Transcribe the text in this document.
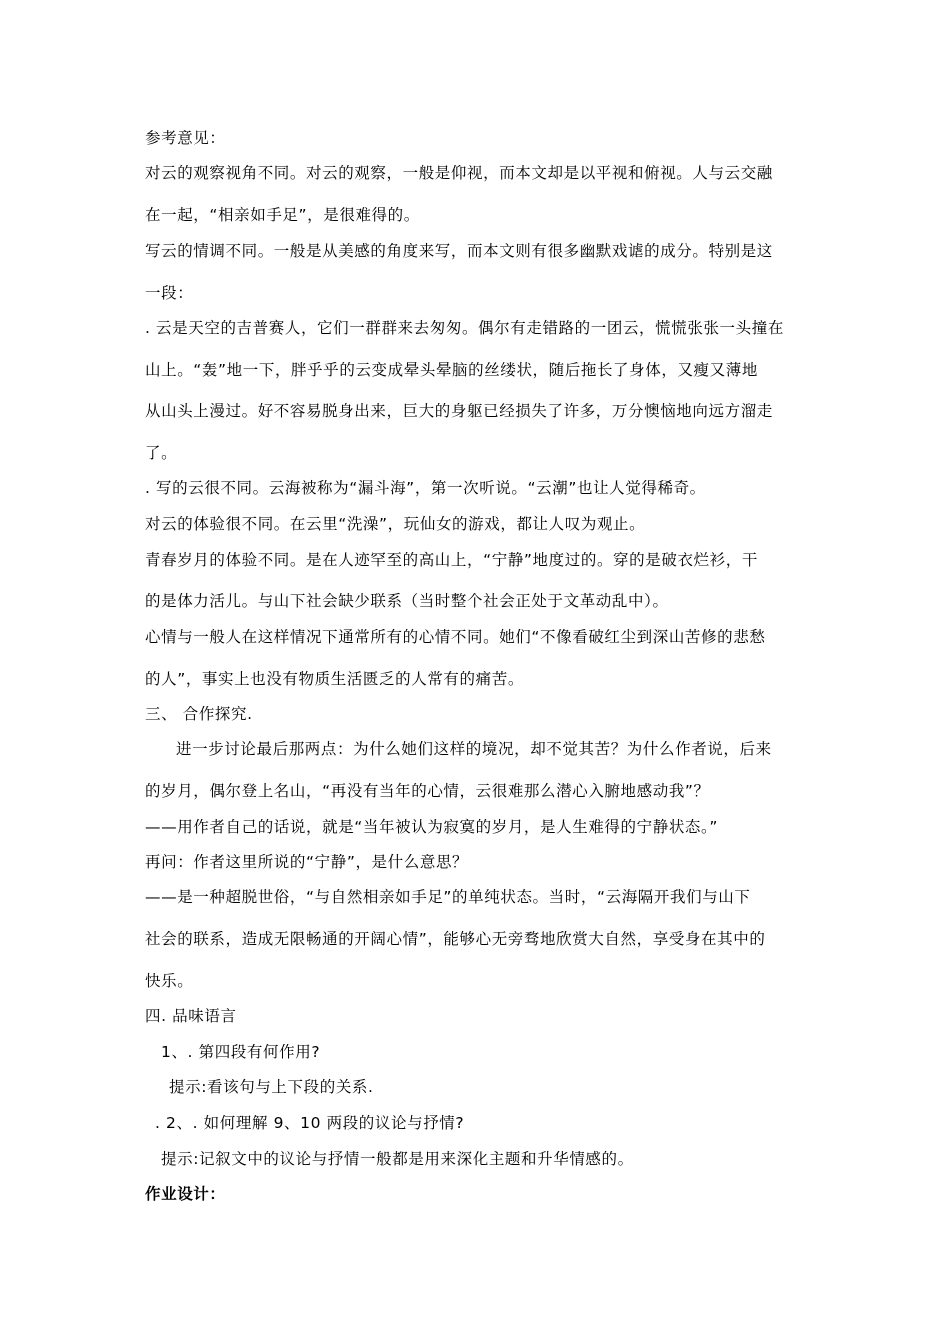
参考意见：
对云的观察视角不同。对云的观察，一般是仰视，而本文却是以平视和俯视。人与云交融
在一起，“相亲如手足”，是很难得的。
写云的情调不同。一般是从美感的角度来写，而本文则有很多幽默戏谑的成分。特别是这
一段：
. 云是天空的吉普赛人，它们一群群来去匆匆。偶尔有走错路的一团云，慌慌张张一头撞在
山上。“轰”地一下，胖乎乎的云变成晕头晕脑的丝缕状，随后拖长了身体，又瘦又薄地
从山头上漫过。好不容易脱身出来，巨大的身躯已经损失了许多，万分懊恼地向远方溜走
了。
. 写的云很不同。云海被称为“漏斗海”，第一次听说。“云潮”也让人觉得稀奇。
对云的体验很不同。在云里“洗澡”，玩仙女的游戏，都让人叹为观止。
青春岁月的体验不同。是在人迹罕至的高山上，“宁静”地度过的。穿的是破衣烂衫，干
的是体力活儿。与山下社会缺少联系（当时整个社会正处于文革动乱中）。
心情与一般人在这样情况下通常所有的心情不同。她们“不像看破红尘到深山苦修的悲愁
的人”，事实上也没有物质生活匮乏的人常有的痛苦。
三、 合作探究.
进一步讨论最后那两点：为什么她们这样的境况，却不觉其苦？为什么作者说，后来
的岁月，偶尔登上名山，“再没有当年的心情，云很难那么潜心入腑地感动我”？
——用作者自己的话说，就是“当年被认为寂寞的岁月，是人生难得的宁静状态。”
再问：作者这里所说的“宁静”，是什么意思？
——是一种超脱世俗，“与自然相亲如手足”的单纯状态。当时，“云海隔开我们与山下
社会的联系，造成无限畅通的开阔心情”，能够心无旁骛地欣赏大自然，享受身在其中的
快乐。
四. 品味语言
1、. 第四段有何作用?
提示:看该句与上下段的关系.
. 2、. 如何理解 9、10 两段的议论与抒情?
提示:记叙文中的议论与抒情一般都是用来深化主题和升华情感的。
作业设计：
